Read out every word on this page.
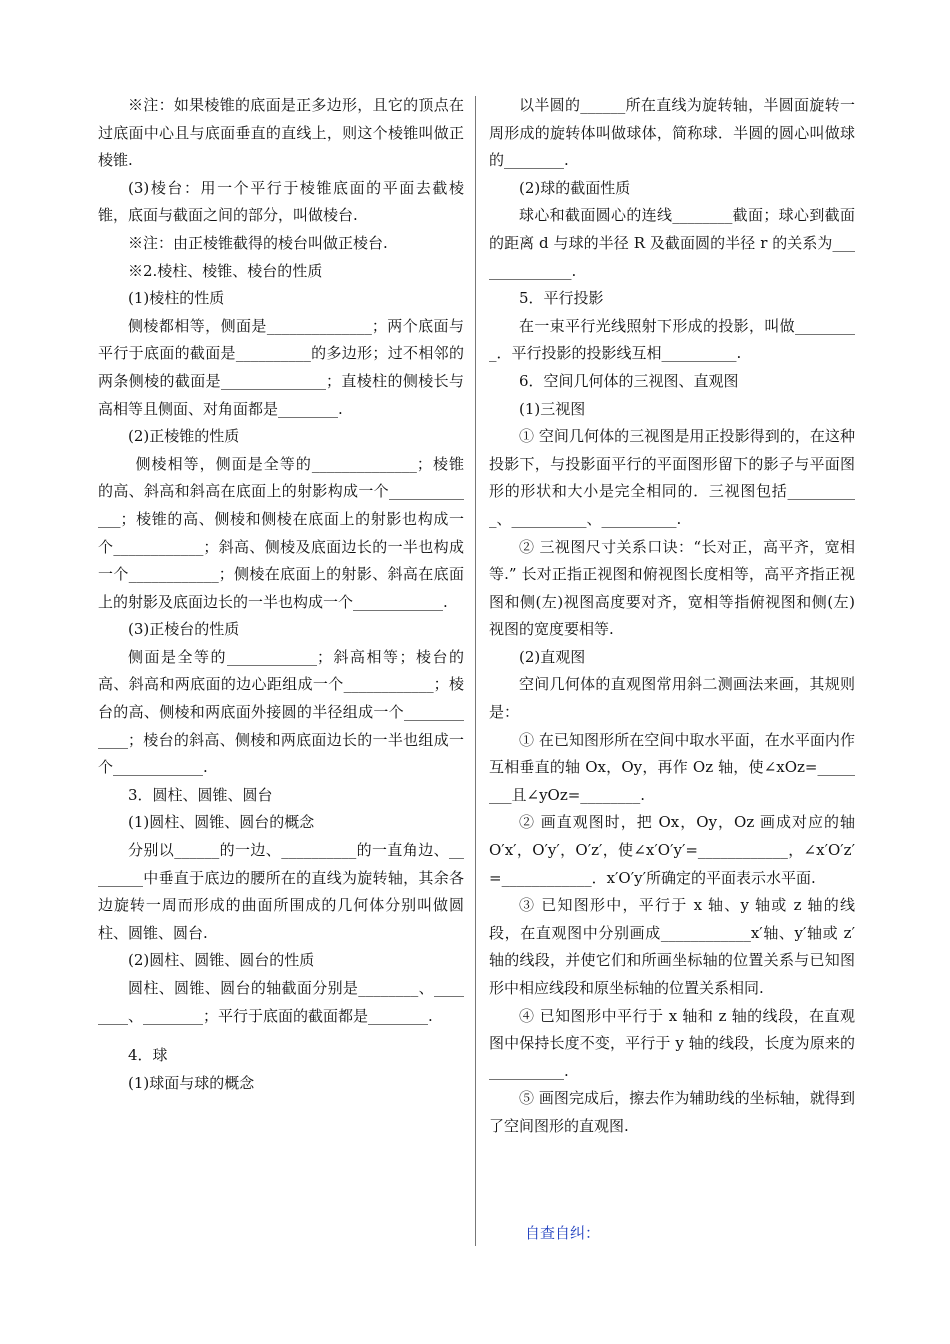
※注：如果棱锥的底面是正多边形，且它的顶点在过底面中心且与底面垂直的直线上，则这个棱锥叫做正棱锥.

(3)棱台：用一个平行于棱锥底面的平面去截棱锥，底面与截面之间的部分，叫做棱台.

※注：由正棱锥截得的棱台叫做正棱台.

※2.棱柱、棱锥、棱台的性质

(1)棱柱的性质

侧棱都相等，侧面是______________；两个底面与平行于底面的截面是__________的多边形；过不相邻的两条侧棱的截面是______________；直棱柱的侧棱长与高相等且侧面、对角面都是________.

(2)正棱锥的性质

侧棱相等，侧面是全等的______________；棱锥的高、斜高和斜高在底面上的射影构成一个_____________；棱锥的高、侧棱和侧棱在底面上的射影也构成一个____________；斜高、侧棱及底面边长的一半也构成一个____________；侧棱在底面上的射影、斜高在底面上的射影及底面边长的一半也构成一个____________.

(3)正棱台的性质

侧面是全等的____________；斜高相等；棱台的高、斜高和两底面的边心距组成一个____________；棱台的高、侧棱和两底面外接圆的半径组成一个____________；棱台的斜高、侧棱和两底面边长的一半也组成一个____________.

3．圆柱、圆锥、圆台

(1)圆柱、圆锥、圆台的概念

分别以______的一边、__________的一直角边、________中垂直于底边的腰所在的直线为旋转轴，其余各边旋转一周而形成的曲面所围成的几何体分别叫做圆柱、圆锥、圆台.

(2)圆柱、圆锥、圆台的性质

圆柱、圆锥、圆台的轴截面分别是________、________、________；平行于底面的截面都是________.

4．球

(1)球面与球的概念

以半圆的______所在直线为旋转轴，半圆面旋转一周形成的旋转体叫做球体，简称球．半圆的圆心叫做球的________.

(2)球的截面性质

球心和截面圆心的连线________截面；球心到截面的距离 d 与球的半径 R 及截面圆的半径 r 的关系为______________.

5．平行投影

在一束平行光线照射下形成的投影，叫做_________．平行投影的投影线互相__________.

6．空间几何体的三视图、直观图

(1)三视图

① 空间几何体的三视图是用正投影得到的，在这种投影下，与投影面平行的平面图形留下的影子与平面图形的形状和大小是完全相同的．三视图包括__________、__________、__________.

② 三视图尺寸关系口诀：“长对正，高平齐，宽相等.” 长对正指正视图和俯视图长度相等，高平齐指正视图和侧(左)视图高度要对齐，宽相等指俯视图和侧(左)视图的宽度要相等.

(2)直观图

空间几何体的直观图常用斜二测画法来画，其规则是：

① 在已知图形所在空间中取水平面，在水平面内作互相垂直的轴 Ox，Oy，再作 Oz 轴，使∠xOz=________且∠yOz=________.

② 画直观图时，把 Ox，Oy，Oz 画成对应的轴 O′x′，O′y′，O′z′，使∠x′O′y′=____________，∠x′O′z′=____________．x′O′y′所确定的平面表示水平面.

③ 已知图形中，平行于 x 轴、y 轴或 z 轴的线段，在直观图中分别画成____________x′轴、y′轴或 z′轴的线段，并使它们和所画坐标轴的位置关系与已知图形中相应线段和原坐标轴的位置关系相同.

④ 已知图形中平行于 x 轴和 z 轴的线段，在直观图中保持长度不变，平行于 y 轴的线段，长度为原来的__________.

⑤ 画图完成后，擦去作为辅助线的坐标轴，就得到了空间图形的直观图.

自查自纠：
